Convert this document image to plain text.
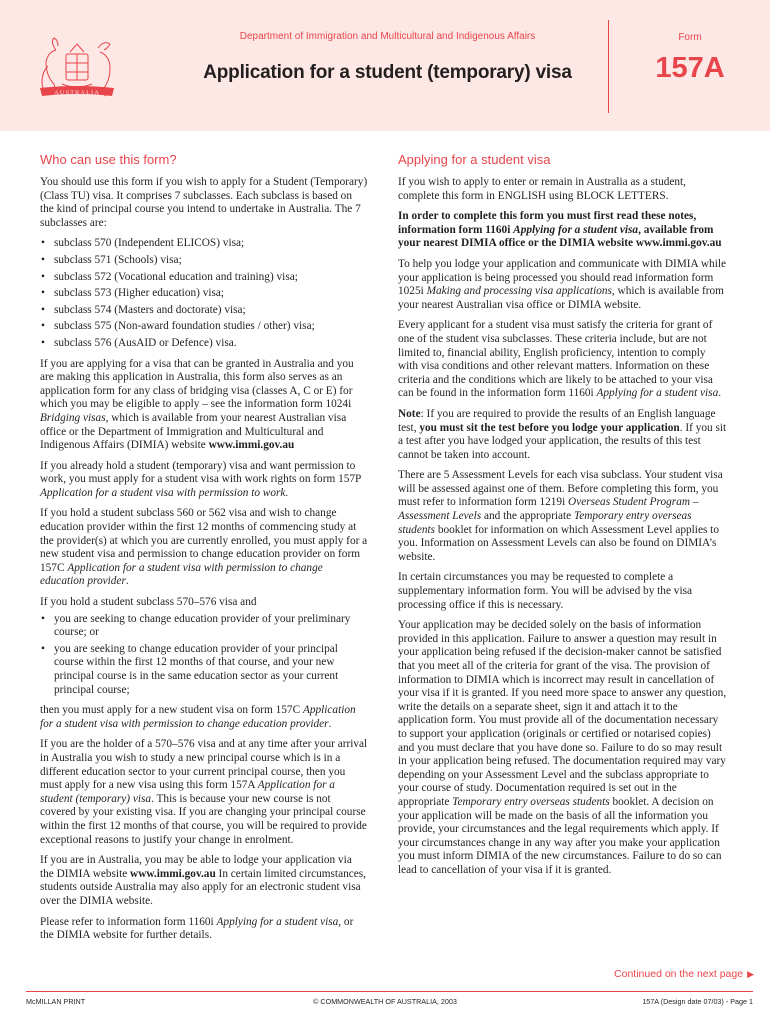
AUSTRALIA
Department of Immigration and Multicultural and Indigenous Affairs	Form
157A
Application for a student (temporary) visa
Who can use this form?

You should use this form if you wish to apply for a Student (Temporary) (Class TU) visa. It comprises 7 subclasses. Each subclass is based on the kind of principal course you intend to undertake in Australia. The 7 subclasses are:

• subclass 570 (Independent ELICOS) visa;
• subclass 571 (Schools) visa;
• subclass 572 (Vocational education and training) visa;
• subclass 573 (Higher education) visa;
• subclass 574 (Masters and doctorate) visa;
• subclass 575 (Non-award foundation studies / other) visa;
• subclass 576 (AusAID or Defence) visa.

If you are applying for a visa that can be granted in Australia and you are making this application in Australia, this form also serves as an application form for any class of bridging visa (classes A, C or E) for which you may be eligible to apply – see the information form 1024i Bridging visas, which is available from your nearest Australian visa office or the Department of Immigration and Multicultural and Indigenous Affairs (DIMIA) website www.immi.gov.au

If you already hold a student (temporary) visa and want permission to work, you must apply for a student visa with work rights on form 157P Application for a student visa with permission to work.

If you hold a student subclass 560 or 562 visa and wish to change education provider within the first 12 months of commencing study at the provider(s) at which you are currently enrolled, you must apply for a new student visa and permission to change education provider on form 157C Application for a student visa with permission to change education provider.

If you hold a student subclass 570–576 visa and

• you are seeking to change education provider of your preliminary course; or
• you are seeking to change education provider of your principal course within the first 12 months of that course, and your new principal course is in the same education sector as your current principal course;

then you must apply for a new student visa on form 157C Application for a student visa with permission to change education provider.

If you are the holder of a 570–576 visa and at any time after your arrival in Australia you wish to study a new principal course which is in a different education sector to your current principal course, then you must apply for a new visa using this form 157A Application for a student (temporary) visa. This is because your new course is not covered by your existing visa. If you are changing your principal course within the first 12 months of that course, you will be required to provide exceptional reasons to justify your change in enrolment.

If you are in Australia, you may be able to lodge your application via the DIMIA website www.immi.gov.au In certain limited circumstances, students outside Australia may also apply for an electronic student visa over the DIMIA website.

Please refer to information form 1160i Applying for a student visa, or the DIMIA website for further details.

Applying for a student visa

If you wish to apply to enter or remain in Australia as a student, complete this form in ENGLISH using BLOCK LETTERS.

In order to complete this form you must first read these notes, information form 1160i Applying for a student visa, available from your nearest DIMIA office or the DIMIA website www.immi.gov.au

To help you lodge your application and communicate with DIMIA while your application is being processed you should read information form 1025i Making and processing visa applications, which is available from your nearest Australian visa office or DIMIA website.

Every applicant for a student visa must satisfy the criteria for grant of one of the student visa subclasses. These criteria include, but are not limited to, financial ability, English proficiency, intention to comply with visa conditions and other relevant matters. Information on these criteria and the conditions which are likely to be attached to your visa can be found in the information form 1160i Applying for a student visa.

Note: If you are required to provide the results of an English language test, you must sit the test before you lodge your application. If you sit a test after you have lodged your application, the results of this test cannot be taken into account.

There are 5 Assessment Levels for each visa subclass. Your student visa will be assessed against one of them. Before completing this form, you must refer to information form 1219i Overseas Student Program – Assessment Levels and the appropriate Temporary entry overseas students booklet for information on which Assessment Level applies to you. Information on Assessment Levels can also be found on DIMIA’s website.

In certain circumstances you may be requested to complete a supplementary information form. You will be advised by the visa processing office if this is necessary.

Your application may be decided solely on the basis of information provided in this application. Failure to answer a question may result in your application being refused if the decision-maker cannot be satisfied that you meet all of the criteria for grant of the visa. The provision of information to DIMIA which is incorrect may result in cancellation of your visa if it is granted. If you need more space to answer any question, write the details on a separate sheet, sign it and attach it to the application form. You must provide all of the documentation necessary to support your application (originals or certified or notarised copies) and you must declare that you have done so. Failure to do so may result in your application being refused. The documentation required may vary depending on your Assessment Level and the subclass appropriate to your course of study. Documentation required is set out in the appropriate Temporary entry overseas students booklet. A decision on your application will be made on the basis of all the information you provide, your circumstances and the legal requirements which apply. If your circumstances change in any way after you make your application you must inform DIMIA of the new circumstances. Failure to do so can lead to cancellation of your visa if it is granted.

Continued on the next page ▶
McMILLAN PRINT	© COMMONWEALTH OF AUSTRALIA, 2003	157A (Design date 07/03) - Page 1
